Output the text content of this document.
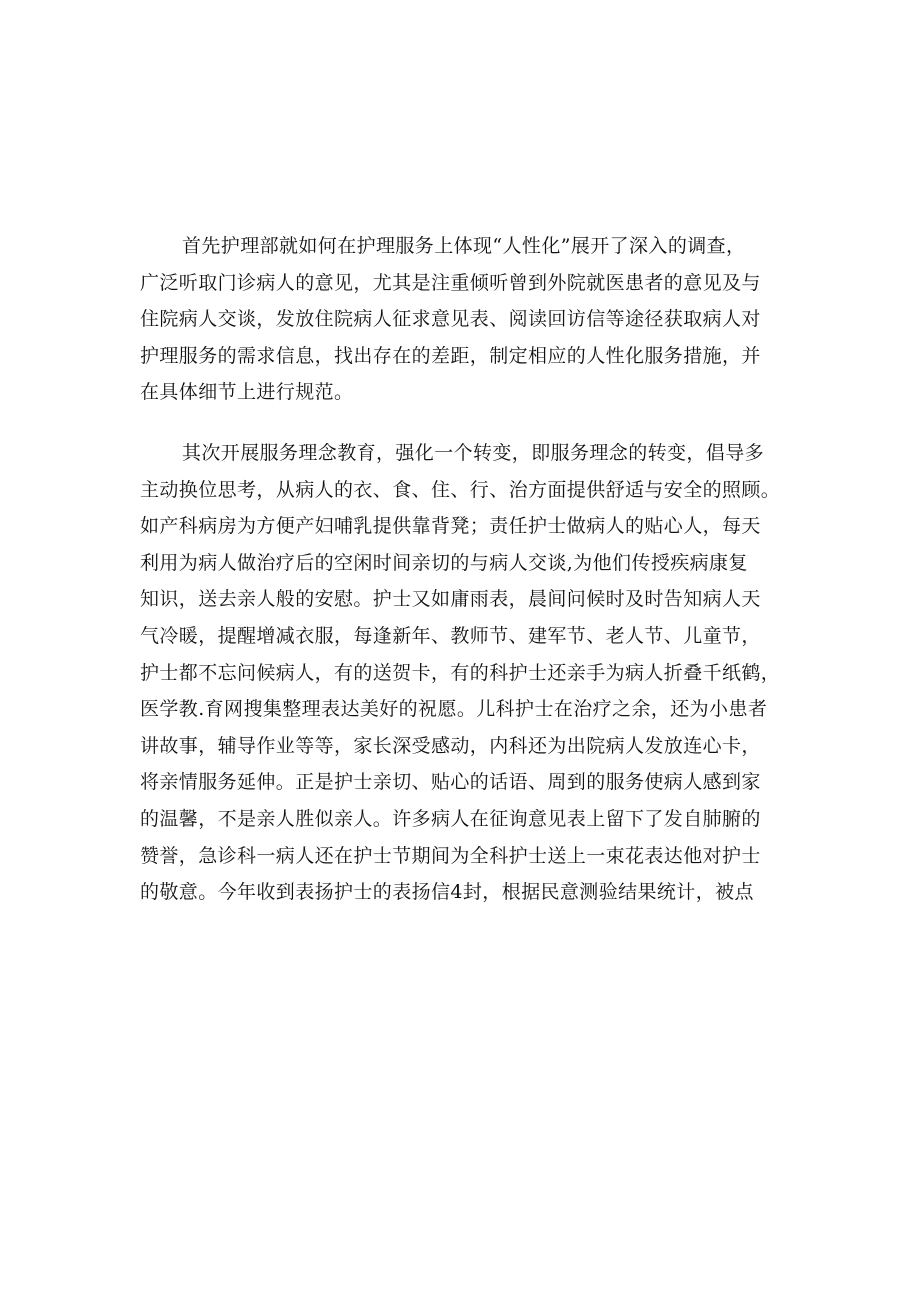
首先护理部就如何在护理服务上体现“人性化”展开了深入的调查，
广泛听取门诊病人的意见，尤其是注重倾听曾到外院就医患者的意见及与
住院病人交谈，发放住院病人征求意见表、阅读回访信等途径获取病人对
护理服务的需求信息，找出存在的差距，制定相应的人性化服务措施，并
在具体细节上进行规范。

其次开展服务理念教育，强化一个转变，即服务理念的转变，倡导多
主动换位思考，从病人的衣、食、住、行、治方面提供舒适与安全的照顾。
如产科病房为方便产妇哺乳提供靠背凳；责任护士做病人的贴心人，每天
利用为病人做治疗后的空闲时间亲切的与病人交谈,为他们传授疾病康复
知识，送去亲人般的安慰。护士又如庸雨表，晨间问候时及时告知病人天
气冷暖，提醒增减衣服，每逢新年、教师节、建军节、老人节、儿童节，
护士都不忘问候病人，有的送贺卡，有的科护士还亲手为病人折叠千纸鹤，
医学教.育网搜集整理表达美好的祝愿。儿科护士在治疗之余，还为小患者
讲故事，辅导作业等等，家长深受感动，内科还为出院病人发放连心卡，
将亲情服务延伸。正是护士亲切、贴心的话语、周到的服务使病人感到家
的温馨，不是亲人胜似亲人。许多病人在征询意见表上留下了发自肺腑的
赞誉，急诊科一病人还在护士节期间为全科护士送上一束花表达他对护士
的敬意。今年收到表扬护士的表扬信4封，根据民意测验结果统计，被点
